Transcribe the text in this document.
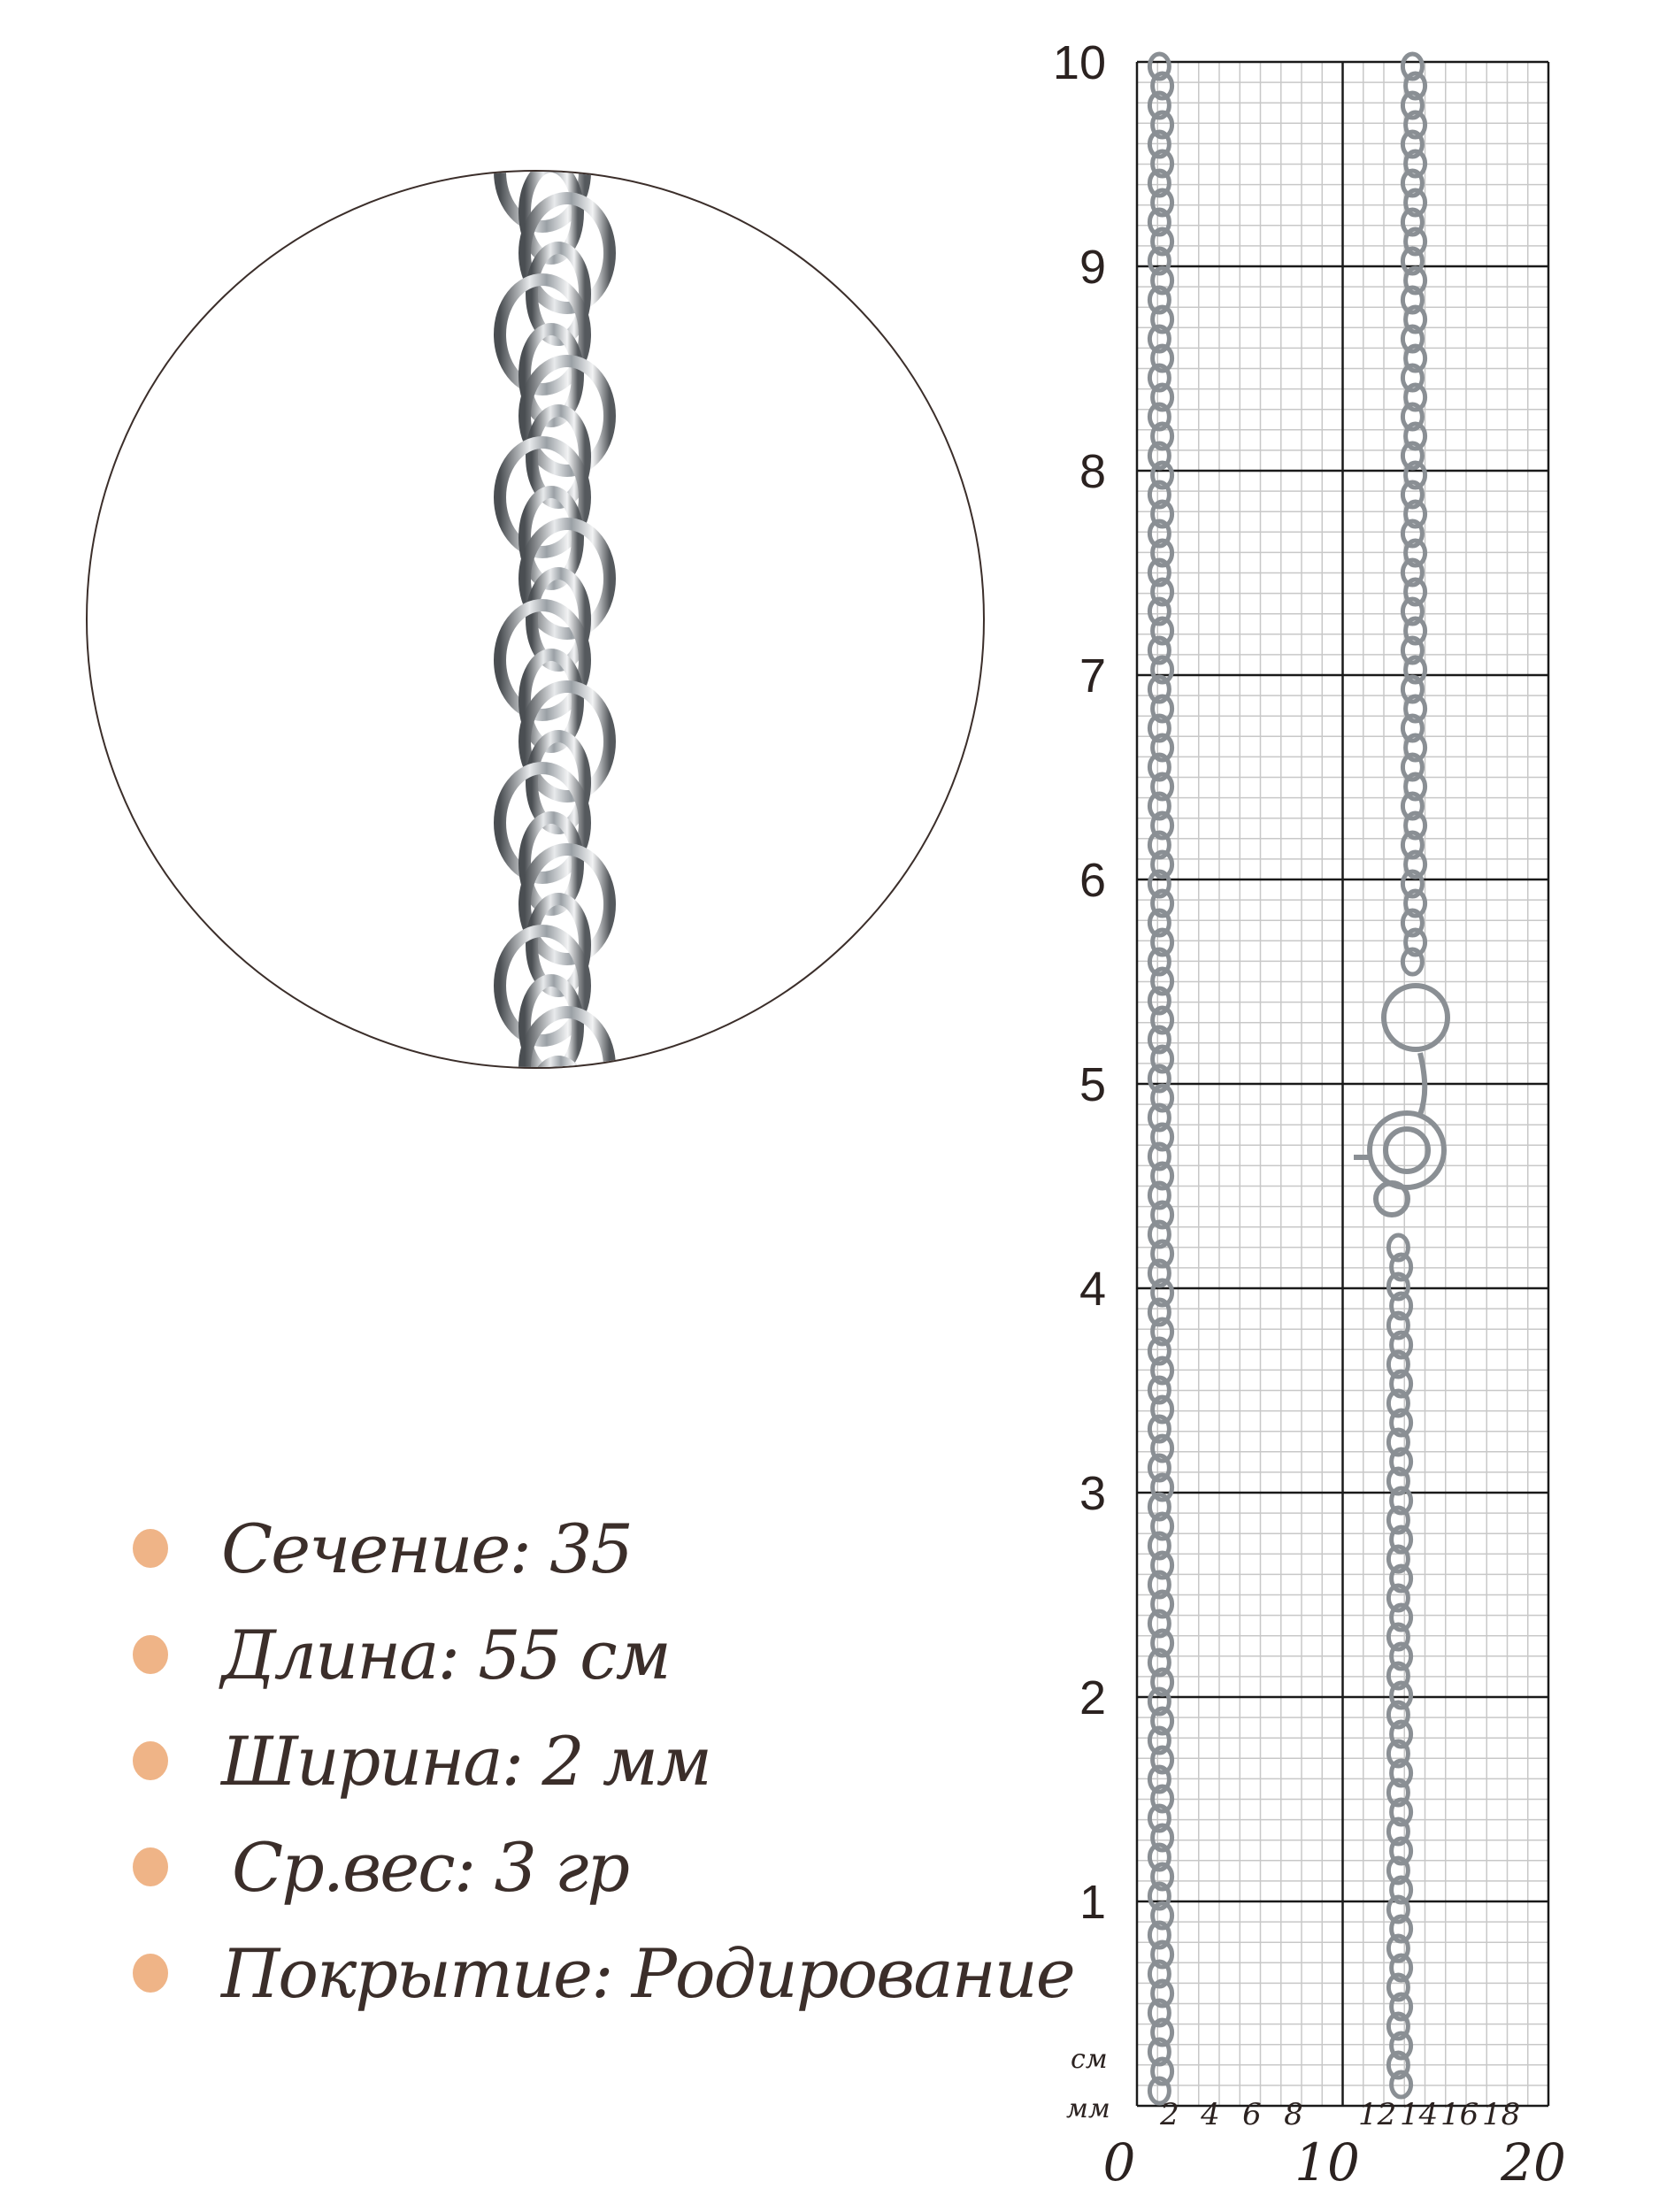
Сечение: 35
Длина: 55 см
Ширина: 2 мм
Ср.вес: 3 гр
Покрытие: Родирование
10
9
8
7
6
5
4
3
2
1
см
мм 2 4 6 8 12 14 16 18
0	10	20
